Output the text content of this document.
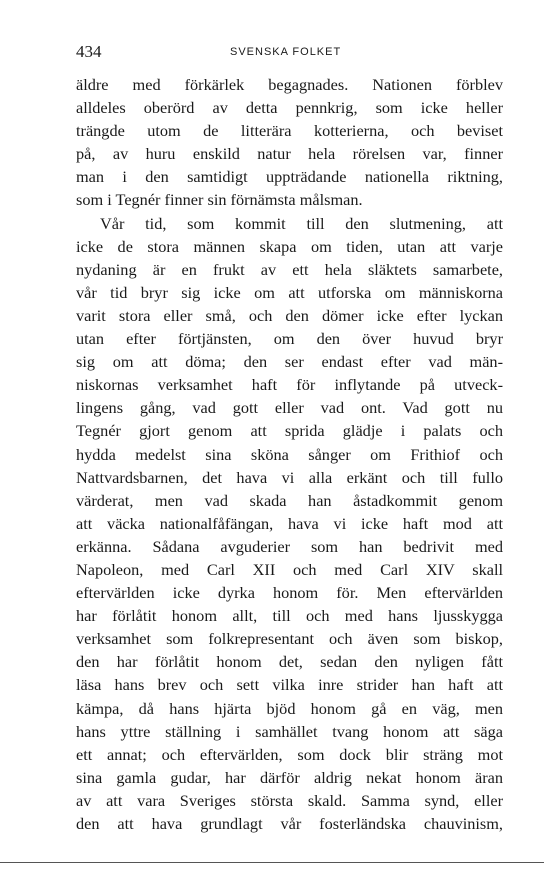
434	SVENSKA FOLKET
äldre med förkärlek begagnades. Nationen förblev
alldeles oberörd av detta pennkrig, som icke heller
trängde utom de litterära kotterierna, och beviset
på, av huru enskild natur hela rörelsen var, finner
man i den samtidigt uppträdande nationella riktning,
som i Tegnér finner sin förnämsta målsman.
Vår tid, som kommit till den slutmening, att
icke de stora männen skapa om tiden, utan att varje
nydaning är en frukt av ett hela släktets samarbete,
vår tid bryr sig icke om att utforska om människorna
varit stora eller små, och den dömer icke efter lyckan
utan efter förtjänsten, om den över huvud bryr
sig om att döma; den ser endast efter vad män-
niskornas verksamhet haft för inflytande på utveck-
lingens gång, vad gott eller vad ont. Vad gott nu
Tegnér gjort genom att sprida glädje i palats och
hydda medelst sina sköna sånger om Frithiof och
Nattvardsbarnen, det hava vi alla erkänt och till fullo
värderat, men vad skada han åstadkommit genom
att väcka nationalfåfängan, hava vi icke haft mod att
erkänna. Sådana avguderier som han bedrivit med
Napoleon, med Carl XII och med Carl XIV skall
eftervärlden icke dyrka honom för. Men eftervärlden
har förlåtit honom allt, till och med hans ljusskygga
verksamhet som folkrepresentant och även som biskop,
den har förlåtit honom det, sedan den nyligen fått
läsa hans brev och sett vilka inre strider han haft att
kämpa, då hans hjärta bjöd honom gå en väg, men
hans yttre ställning i samhället tvang honom att säga
ett annat; och eftervärlden, som dock blir sträng mot
sina gamla gudar, har därför aldrig nekat honom äran
av att vara Sveriges största skald. Samma synd, eller
den att hava grundlagt vår fosterländska chauvinism,
